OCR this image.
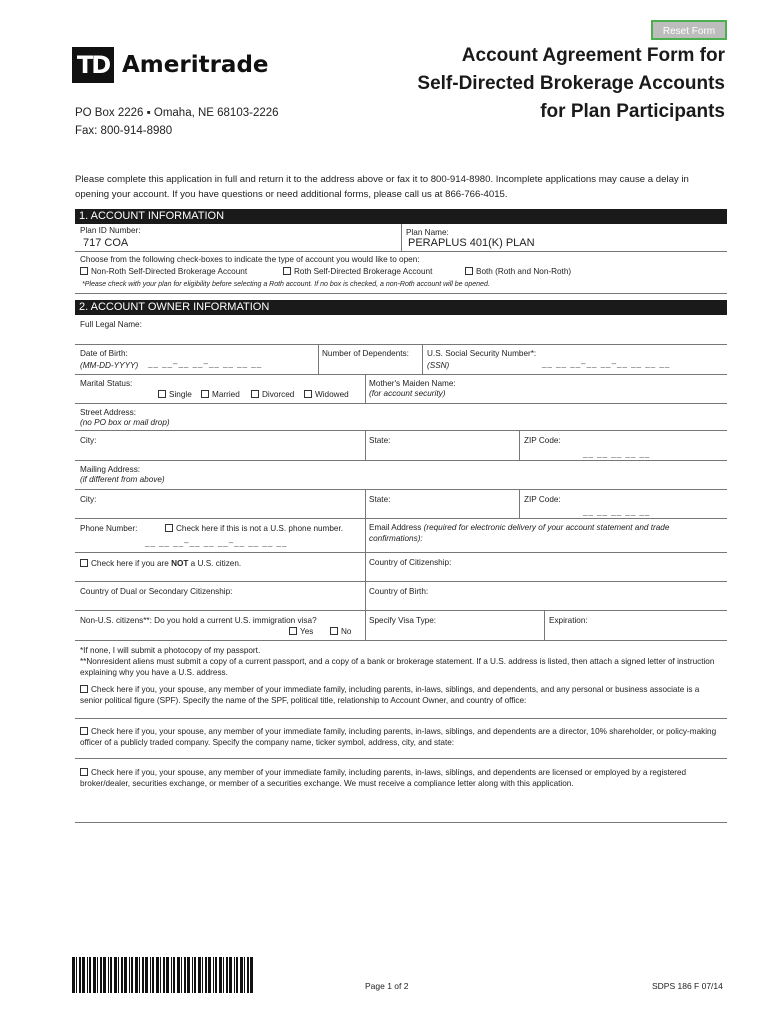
Reset Form
TD Ameritrade
PO Box 2226 ▪ Omaha, NE 68103-2226
Fax: 800-914-8980
Account Agreement Form for
Self-Directed Brokerage Accounts
for Plan Participants
Please complete this application in full and return it to the address above or fax it to 800-914-8980. Incomplete applications may cause a delay in opening your account. If you have questions or need additional forms, please call us at 866-766-4015.
1. ACCOUNT INFORMATION
Plan ID Number:
717 COA
Plan Name:
PERAPLUS 401(K) PLAN
Choose from the following check-boxes to indicate the type of account you would like to open:
Non-Roth Self-Directed Brokerage Account	Roth Self-Directed Brokerage Account	Both (Roth and Non-Roth)
*Please check with your plan for eligibility before selecting a Roth account. If no box is checked, a non-Roth account will be opened.
2. ACCOUNT OWNER INFORMATION
Full Legal Name:
Date of Birth:
(MM-DD-YYYY) __ __–__ __–__ __ __ __
Number of Dependents: U.S. Social Security Number*:
(SSN)	__ __ __–__ __–__ __ __ __
Marital Status:
Single	Married	Divorced	Widowed
Mother's Maiden Name:
(for account security)
Street Address:
(no PO box or mail drop)
City:	State:	ZIP Code:
__ __ __ __ __
Mailing Address:
(if different from above)
City:	State:	ZIP Code:
__ __ __ __ __
Phone Number:	Check here if this is not a U.S. phone number.
__ __ __–__ __ __–__ __ __ __
Email Address (required for electronic delivery of your account statement and trade confirmations):
Check here if you are NOT a U.S. citizen.	Country of Citizenship:
Country of Dual or Secondary Citizenship:	Country of Birth:
Non-U.S. citizens**: Do you hold a current U.S. immigration visa?
Yes	No
Specify Visa Type:	Expiration:
*If none, I will submit a photocopy of my passport.
**Nonresident aliens must submit a copy of a current passport, and a copy of a bank or brokerage statement. If a U.S. address is listed, then attach a signed letter of instruction explaining why you have a U.S. address.
Check here if you, your spouse, any member of your immediate family, including parents, in-laws, siblings, and dependents, and any personal or business associate is a senior political figure (SPF). Specify the name of the SPF, political title, relationship to Account Owner, and country of office:
Check here if you, your spouse, any member of your immediate family, including parents, in-laws, siblings, and dependents are a director, 10% shareholder, or policy-making officer of a publicly traded company. Specify the company name, ticker symbol, address, city, and state:
Check here if you, your spouse, any member of your immediate family, including parents, in-laws, siblings, and dependents are licensed or employed by a registered broker/dealer, securities exchange, or member of a securities exchange. We must receive a compliance letter along with this application.
Page 1 of 2	SDPS 186 F 07/14
